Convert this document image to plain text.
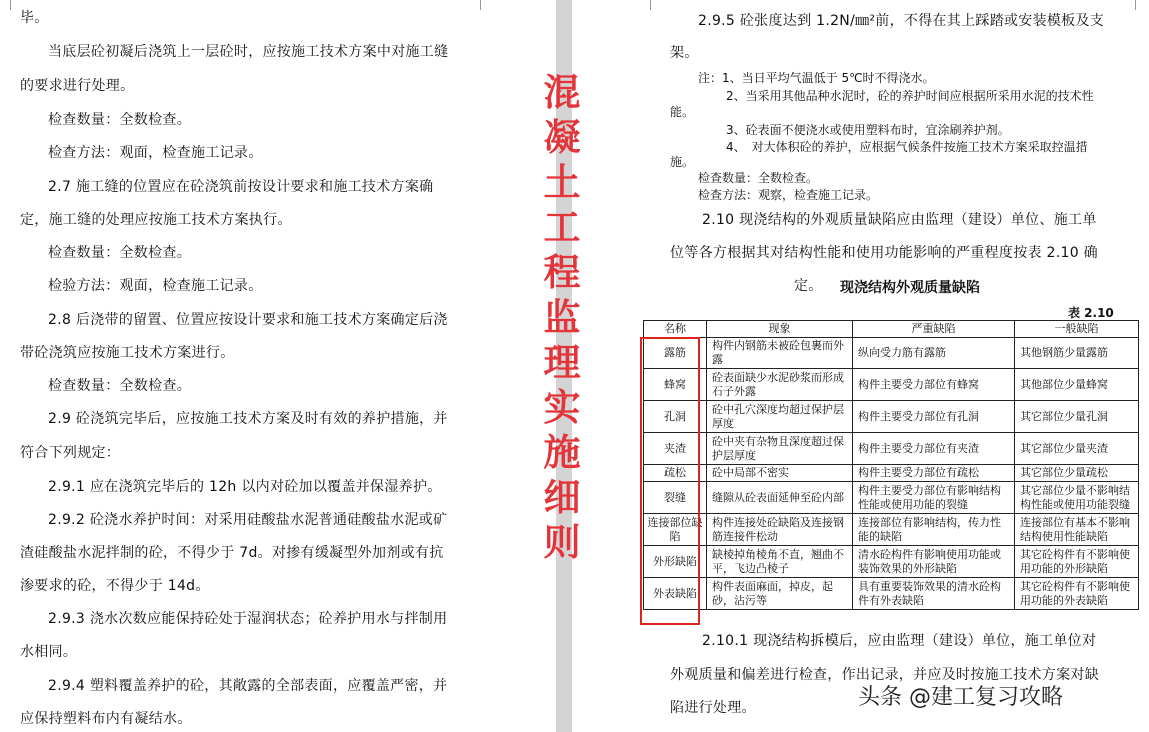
毕。
当底层砼初凝后浇筑上一层砼时，应按施工技术方案中对施工缝
的要求进行处理。
检查数量：全数检查。
检查方法：观面，检查施工记录。
2.7 施工缝的位置应在砼浇筑前按设计要求和施工技术方案确
定，施工缝的处理应按施工技术方案执行。
检查数量：全数检查。
检验方法：观面，检查施工记录。
2.8 后浇带的留置、位置应按设计要求和施工技术方案确定后浇
带砼浇筑应按施工技术方案进行。
检查数量：全数检查。
2.9 砼浇筑完毕后，应按施工技术方案及时有效的养护措施，并
符合下列规定：
2.9.1 应在浇筑完毕后的 12h 以内对砼加以覆盖并保湿养护。
2.9.2 砼浇水养护时间：对采用硅酸盐水泥普通硅酸盐水泥或矿
渣硅酸盐水泥拌制的砼，不得少于 7d。对掺有缓凝型外加剂或有抗
渗要求的砼，不得少于 14d。
2.9.3 浇水次数应能保持砼处于湿润状态；砼养护用水与拌制用
水相同。
2.9.4 塑料覆盖养护的砼，其敞露的全部表面，应覆盖严密，并
应保持塑料布内有凝结水。
混
凝
土
工
程
监
理
实
施
细
则
2.9.5 砼张度达到 1.2N/㎜²前，不得在其上踩踏或安装模板及支
架。
注：1、当日平均气温低于 5℃时不得浇水。
2、当采用其他品种水泥时，砼的养护时间应根据所采用水泥的技术性
能。
3、砼表面不便浇水或使用塑料布时，宜涂刷养护剂。
4、　对大体积砼的养护，应根据气候条件按施工技术方案采取控温措
施。
检查数量：全数检查。
检查方法：观察，检查施工记录。
2.10 现浇结构的外观质量缺陷应由监理（建设）单位、施工单
位等各方根据其对结构性能和使用功能影响的严重程度按表 2.10 确
定。
2.10.1 现浇结构拆模后，应由监理（建设）单位，施工单位对
外观质量和偏差进行检查，作出记录，并应及时按施工技术方案对缺
陷进行处理。
现浇结构外观质量缺陷
表 2.10
名称	现象	严重缺陷	一般缺陷
露筋	构件内钢筋未被砼包裹而外露	纵向受力筋有露筋	其他钢筋少量露筋
蜂窝	砼表面缺少水泥砂浆而形成石子外露	构件主要受力部位有蜂窝	其他部位少量蜂窝
孔洞	砼中孔穴深度均超过保护层厚度	构件主要受力部位有孔洞	其它部位少量孔洞
夹渣	砼中夹有杂物且深度超过保护层厚度	构件主要受力部位有夹渣	其它部位少量夹渣
疏松	砼中局部不密实	构件主要受力部位有疏松	其它部位少量疏松
裂缝	缝隙从砼表面延伸至砼内部	构件主要受力部位有影响结构性能或使用功能的裂缝	其它部位少量不影响结构性能或使用功能裂缝
连接部位缺陷	构件连接处砼缺陷及连接钢筋连接件松动	连接部位有影响结构，传力性能的缺陷	连接部位有基本不影响结构使用性能缺陷
外形缺陷	缺棱掉角棱角不直，翘曲不平，飞边凸棱子	清水砼构件有影响使用功能或装饰效果的外形缺陷	其它砼构件有不影响使用功能的外形缺陷
外表缺陷	构件表面麻面，掉皮，起砂，沾污等	具有重要装饰效果的清水砼构件有外表缺陷	其它砼构件有不影响使用功能的外表缺陷
头条 @建工复习攻略
